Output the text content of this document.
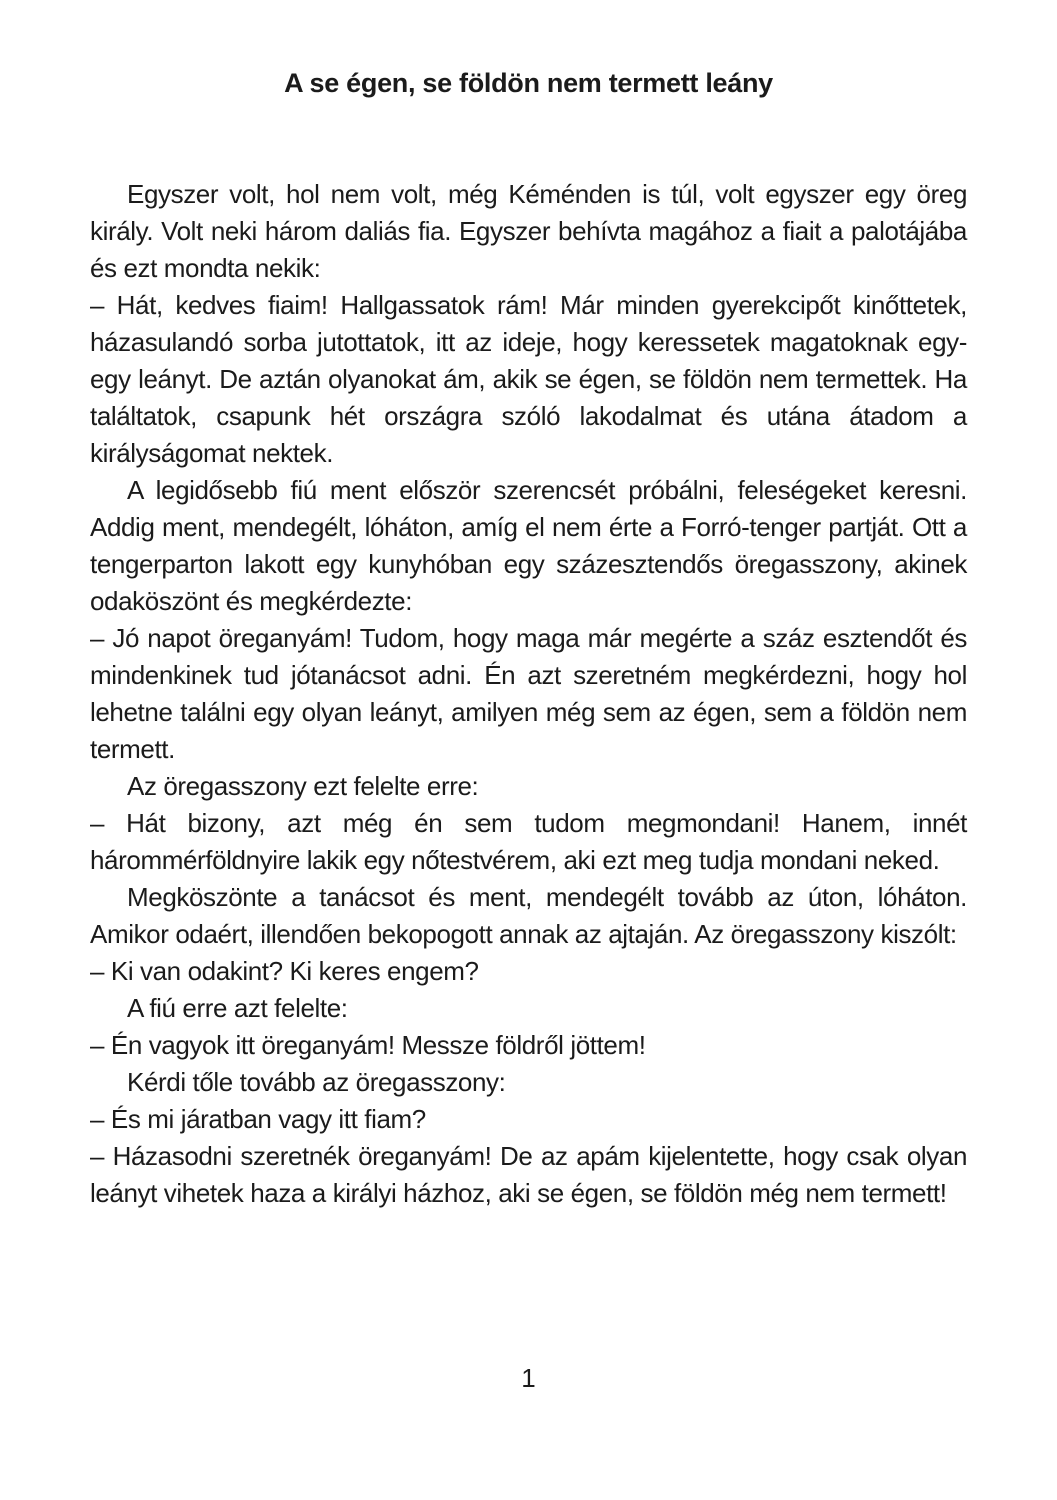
A se égen, se földön nem termett leány

Egyszer volt, hol nem volt, még Kéménden is túl, volt egyszer egy öreg király. Volt neki három daliás fia. Egyszer behívta magához a fiait a palotájába és ezt mondta nekik:

– Hát, kedves fiaim! Hallgassatok rám! Már minden gyerekcipőt kinőttetek, házasulandó sorba jutottatok, itt az ideje, hogy keressetek magatoknak egy-egy leányt. De aztán olyanokat ám, akik se égen, se földön nem termettek. Ha találtatok, csapunk hét országra szóló lakodalmat és utána átadom a királyságomat nektek.

A legidősebb fiú ment először szerencsét próbálni, feleségeket keresni. Addig ment, mendegélt, lóháton, amíg el nem érte a Forró-tenger partját. Ott a tengerparton lakott egy kunyhóban egy százesztendős öregasszony, akinek odaköszönt és megkérdezte:

– Jó napot öreganyám! Tudom, hogy maga már megérte a száz esztendőt és mindenkinek tud jótanácsot adni. Én azt szeretném megkérdezni, hogy hol lehetne találni egy olyan leányt, amilyen még sem az égen, sem a földön nem termett.

Az öregasszony ezt felelte erre:

– Hát bizony, azt még én sem tudom megmondani! Hanem, innét hárommérföldnyire lakik egy nőtestvérem, aki ezt meg tudja mondani neked.

Megköszönte a tanácsot és ment, mendegélt tovább az úton, lóháton. Amikor odaért, illendően bekopogott annak az ajtaján. Az öregasszony kiszólt:

– Ki van odakint? Ki keres engem?

A fiú erre azt felelte:

– Én vagyok itt öreganyám! Messze földről jöttem!

Kérdi tőle tovább az öregasszony:

– És mi járatban vagy itt fiam?

– Házasodni szeretnék öreganyám! De az apám kijelentette, hogy csak olyan leányt vihetek haza a királyi házhoz, aki se égen, se földön még nem termett!

1
